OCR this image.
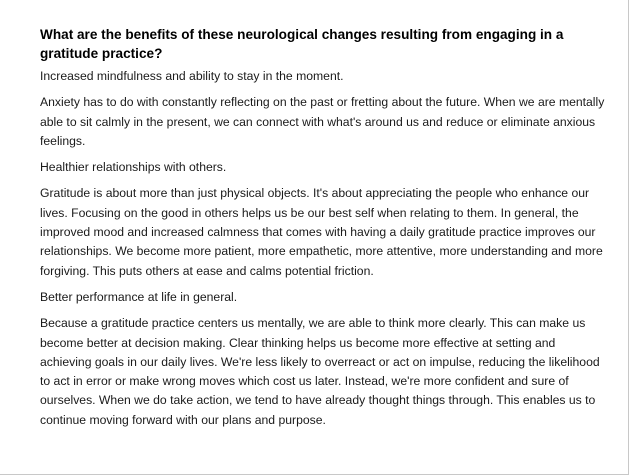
What are the benefits of these neurological changes resulting from engaging in a gratitude practice?

Increased mindfulness and ability to stay in the moment.

Anxiety has to do with constantly reflecting on the past or fretting about the future. When we are mentally able to sit calmly in the present, we can connect with what's around us and reduce or eliminate anxious feelings.

Healthier relationships with others.

Gratitude is about more than just physical objects. It's about appreciating the people who enhance our lives. Focusing on the good in others helps us be our best self when relating to them. In general, the improved mood and increased calmness that comes with having a daily gratitude practice improves our relationships. We become more patient, more empathetic, more attentive, more understanding and more forgiving. This puts others at ease and calms potential friction.

Better performance at life in general.

Because a gratitude practice centers us mentally, we are able to think more clearly. This can make us become better at decision making. Clear thinking helps us become more effective at setting and achieving goals in our daily lives. We're less likely to overreact or act on impulse, reducing the likelihood to act in error or make wrong moves which cost us later. Instead, we're more confident and sure of ourselves. When we do take action, we tend to have already thought things through. This enables us to continue moving forward with our plans and purpose.
